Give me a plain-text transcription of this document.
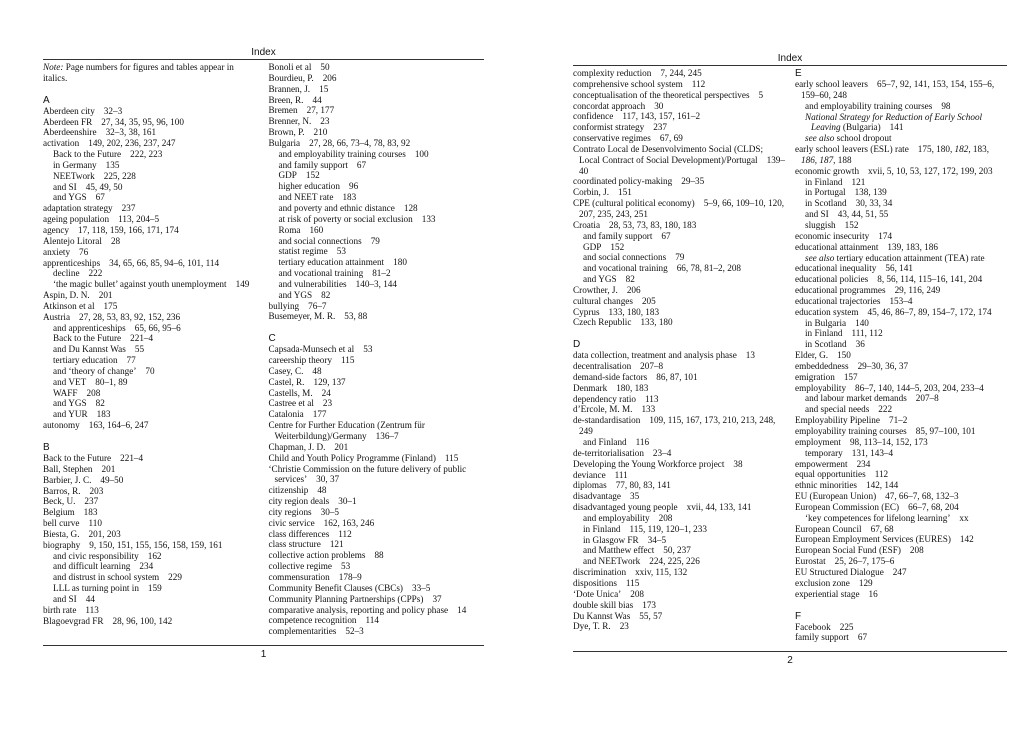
Index
Note: Page numbers for figures and tables appear in italics.
A
Aberdeen city 32–3
Aberdeen FR 27, 34, 35, 95, 96, 100
Aberdeenshire 32–3, 38, 161
activation 149, 202, 236, 237, 247
Back to the Future 222, 223
in Germany 135
NEETwork 225, 228
and SI 45, 49, 50
and YGS 67
adaptation strategy 237
ageing population 113, 204–5
agency 17, 118, 159, 166, 171, 174
Alentejo Litoral 28
anxiety 76
apprenticeships 34, 65, 66, 85, 94–6, 101, 114
decline 222
‘the magic bullet’ against youth unemployment 149
Aspin, D. N. 201
Atkinson et al 175
Austria 27, 28, 53, 83, 92, 152, 236
and apprenticeships 65, 66, 95–6
Back to the Future 221–4
and Du Kannst Was 55
tertiary education 77
and ‘theory of change’ 70
and VET 80–1, 89
WAFF 208
and YGS 82
and YUR 183
autonomy 163, 164–6, 247
B
Back to the Future 221–4
Ball, Stephen 201
Barbier, J. C. 49–50
Barros, R. 203
Beck, U. 237
Belgium 183
bell curve 110
Biesta, G. 201, 203
biography 9, 150, 151, 155, 156, 158, 159, 161
and civic responsibility 162
and difficult learning 234
and distrust in school system 229
LLL as turning point in 159
and SI 44
birth rate 113
Blagoevgrad FR 28, 96, 100, 142
Bonoli et al 50
Bourdieu, P. 206
Brannen, J. 15
Breen, R. 44
Bremen 27, 177
Brenner, N. 23
Brown, P. 210
Bulgaria 27, 28, 66, 73–4, 78, 83, 92
and employability training courses 100
and family support 67
GDP 152
higher education 96
and NEET rate 183
and poverty and ethnic distance 128
at risk of poverty or social exclusion 133
Roma 160
and social connections 79
statist regime 53
tertiary education attainment 180
and vocational training 81–2
and vulnerabilities 140–3, 144
and YGS 82
bullying 76–7
Busemeyer, M. R. 53, 88
C
Capsada-Munsech et al 53
careership theory 115
Casey, C. 48
Castel, R. 129, 137
Castells, M. 24
Castree et al 23
Catalonia 177
Centre for Further Education (Zentrum für Weiterbildung)/Germany 136–7
Chapman, J. D. 201
Child and Youth Policy Programme (Finland) 115
‘Christie Commission on the future delivery of public services’ 30, 37
citizenship 48
city region deals 30–1
city regions 30–5
civic service 162, 163, 246
class differences 112
class structure 121
collective action problems 88
collective regime 53
commensuration 178–9
Community Benefit Clauses (CBCs) 33–5
Community Planning Partnerships (CPPs) 37
comparative analysis, reporting and policy phase 14
competence recognition 114
complementarities 52–3
1
Index
complexity reduction 7, 244, 245
comprehensive school system 112
conceptualisation of the theoretical perspectives 5
concordat approach 30
confidence 117, 143, 157, 161–2
conformist strategy 237
conservative regimes 67, 69
Contrato Local de Desenvolvimento Social (CLDS; Local Contract of Social Development)/Portugal 139–40
coordinated policy-making 29–35
Corbin, J. 151
CPE (cultural political economy) 5–9, 66, 109–10, 120, 207, 235, 243, 251
Croatia 28, 53, 73, 83, 180, 183
and family support 67
GDP 152
and social connections 79
and vocational training 66, 78, 81–2, 208
and YGS 82
Crowther, J. 206
cultural changes 205
Cyprus 133, 180, 183
Czech Republic 133, 180
D
data collection, treatment and analysis phase 13
decentralisation 207–8
demand-side factors 86, 87, 101
Denmark 180, 183
dependency ratio 113
d’Ercole, M. M. 133
de-standardisation 109, 115, 167, 173, 210, 213, 248, 249
and Finland 116
de-territorialisation 23–4
Developing the Young Workforce project 38
deviance 111
diplomas 77, 80, 83, 141
disadvantage 35
disadvantaged young people xvii, 44, 133, 141
and employability 208
in Finland 115, 119, 120–1, 233
in Glasgow FR 34–5
and Matthew effect 50, 237
and NEETwork 224, 225, 226
discrimination xxiv, 115, 132
dispositions 115
‘Dote Unica’ 208
double skill bias 173
Du Kannst Was 55, 57
Dye, T. R. 23
E
early school leavers 65–7, 92, 141, 153, 154, 155–6, 159–60, 248
and employability training courses 98
National Strategy for Reduction of Early School Leaving (Bulgaria) 141
see also school dropout
early school leavers (ESL) rate 175, 180, 182, 183, 186, 187, 188
economic growth xvii, 5, 10, 53, 127, 172, 199, 203
in Finland 121
in Portugal 138, 139
in Scotland 30, 33, 34
and SI 43, 44, 51, 55
sluggish 152
economic insecurity 174
educational attainment 139, 183, 186
see also tertiary education attainment (TEA) rate
educational inequality 56, 141
educational policies 8, 56, 114, 115–16, 141, 204
educational programmes 29, 116, 249
educational trajectories 153–4
education system 45, 46, 86–7, 89, 154–7, 172, 174
in Bulgaria 140
in Finland 111, 112
in Scotland 36
Elder, G. 150
embeddedness 29–30, 36, 37
emigration 157
employability 86–7, 140, 144–5, 203, 204, 233–4
and labour market demands 207–8
and special needs 222
Employability Pipeline 71–2
employability training courses 85, 97–100, 101
employment 98, 113–14, 152, 173
temporary 131, 143–4
empowerment 234
equal opportunities 112
ethnic minorities 142, 144
EU (European Union) 47, 66–7, 68, 132–3
European Commission (EC) 66–7, 68, 204
‘key competences for lifelong learning’ xx
European Council 67, 68
European Employment Services (EURES) 142
European Social Fund (ESF) 208
Eurostat 25, 26–7, 175–6
EU Structured Dialogue 247
exclusion zone 129
experiential stage 16
F
Facebook 225
family support 67
2
